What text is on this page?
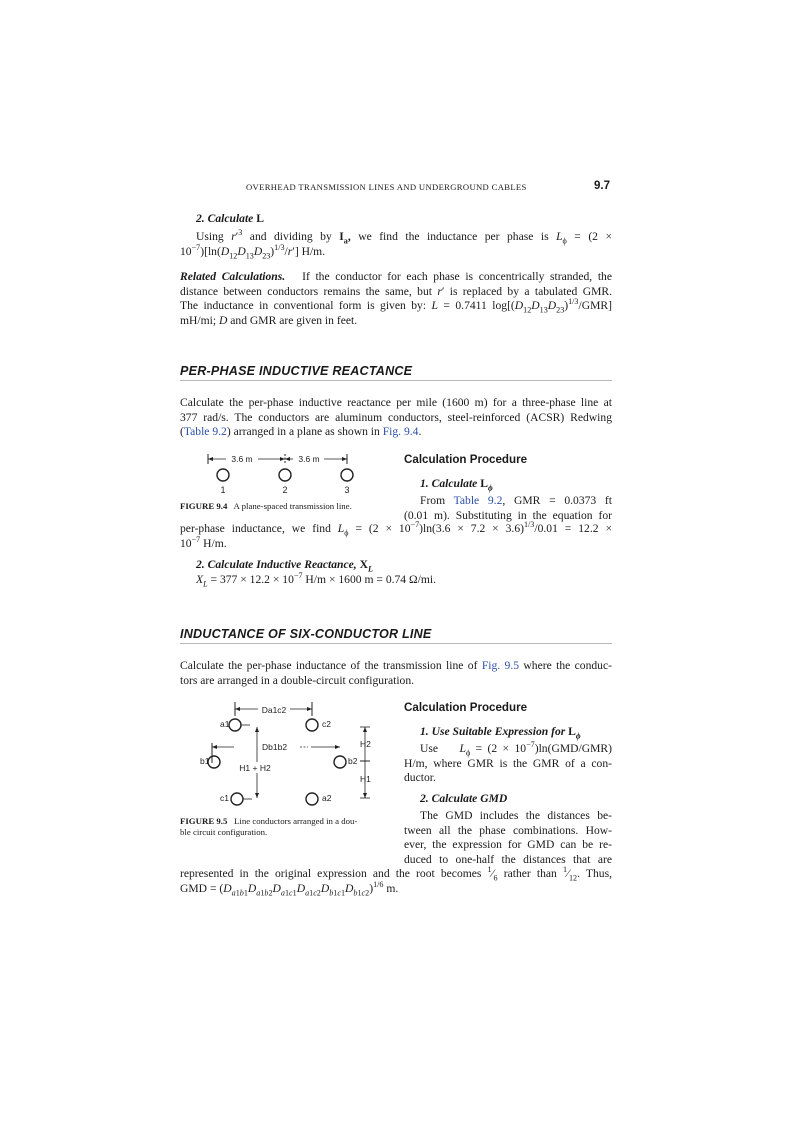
OVERHEAD TRANSMISSION LINES AND UNDERGROUND CABLES	9.7
2. Calculate L
Using $r'^3$ and dividing by $I_a$, we find the inductance per phase is $L_\phi = (2$ ×
$10^{-7})[\ln(D_{12}D_{13}D_{23})^{1/3}/r']$ H/m.
Related Calculations.   If the conductor for each phase is concentrically stranded, the
distance between conductors remains the same, but r′ is replaced by a tabulated GMR.
The inductance in conventional form is given by: L = 0.7411 $\log[(D_{12}D_{13}D_{23})^{1/3}/GMR]$
mH/mi; D and GMR are given in feet.
PER-PHASE INDUCTIVE REACTANCE
Calculate the per-phase inductive reactance per mile (1600 m) for a three-phase line at
377 rad/s. The conductors are aluminum conductors, steel-reinforced (ACSR) Redwing
(Table 9.2) arranged in a plane as shown in Fig. 9.4.
3.6 m	3.6 m
1	2	3
FIGURE 9.4 A plane-spaced transmission line.
Calculation Procedure
1. Calculate $L_\phi$
From Table 9.2, GMR = 0.0373 ft
(0.01 m). Substituting in the equation for
per-phase inductance, we find $L_\phi = (2 \times 10^{-7})\ln(3.6 \times 7.2 \times 3.6)^{1/3}/0.01 = 12.2$ ×
$10^{-7}$ H/m.
2. Calculate Inductive Reactance, $X_L$
$X_L = 377 \times 12.2 \times 10^{-7}$ H/m × 1600 m = 0.74 Ω/mi.
INDUCTANCE OF SIX-CONDUCTOR LINE
Calculate the per-phase inductance of the transmission line of Fig. 9.5 where the conduc-
tors are arranged in a double-circuit configuration.
Da1c2
a1	c2
H2
H1
Db1b2
b1	b2
H1 + H2
c1	a2
FIGURE 9.5 Line conductors arranged in a dou-
ble circuit configuration.
Calculation Procedure
1. Use Suitable Expression for $L_\phi$
Use    $L_\phi = (2 \times 10^{-7})\ln(GMD/GMR)$
H/m, where GMR is the GMR of a con-
ductor.
2. Calculate GMD
The GMD includes the distances be-
tween all the phase combinations. How-
ever, the expression for GMD can be re-
duced to one-half the distances that are
represented in the original expression and the root becomes $^1⁄_6$ rather than $^1⁄_{12}$. Thus,
GMD = $(D_{a1b1}D_{a1b2}D_{a1c1}D_{a1c2}D_{b1c1}D_{b1c2})^{1/6}$ m.
